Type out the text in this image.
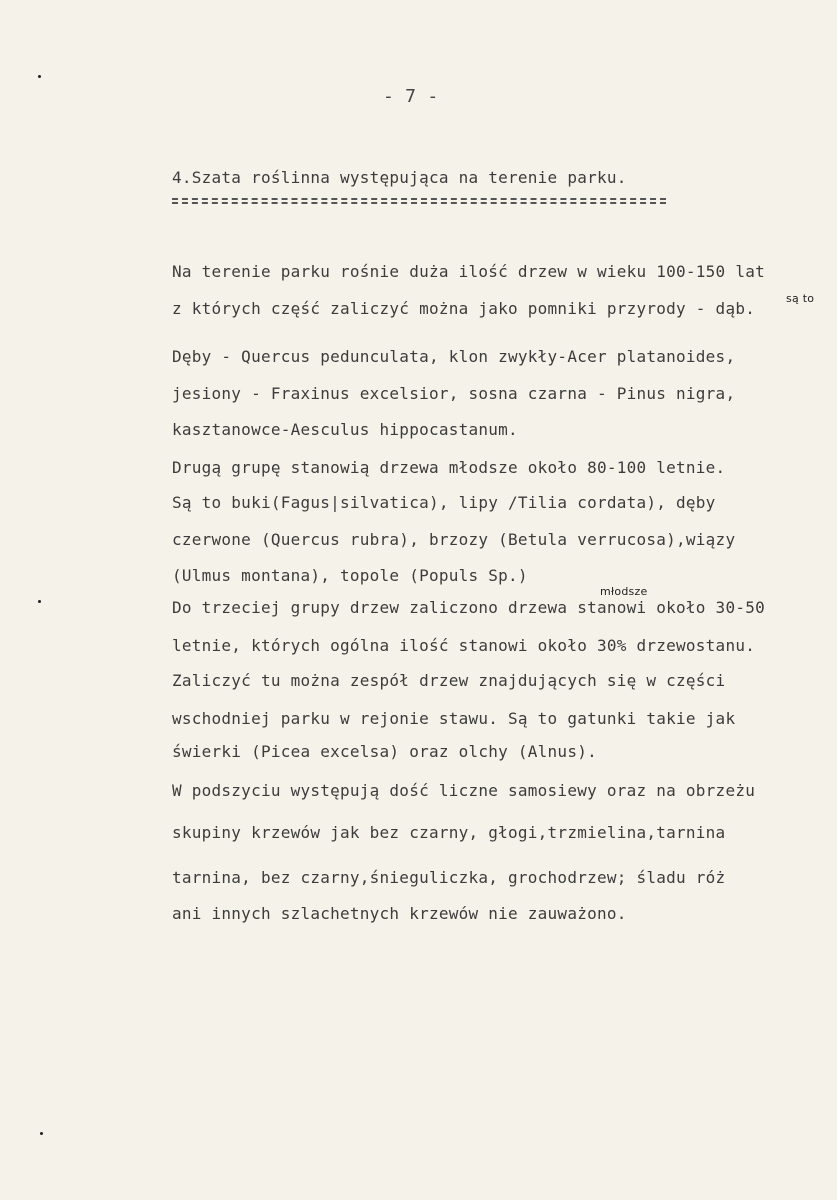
- 7 -
4.Szata roślinna występująca na terenie parku.
Na terenie parku rośnie duża ilość drzew w wieku 100-150 lat
z których część zaliczyć można jako pomniki przyrody - dąb.
Dęby - Quercus pedunculata, klon zwykły-Acer platanoides,
jesiony - Fraxinus excelsior, sosna czarna - Pinus nigra,
kasztanowce-Aesculus hippocastanum.
Drugą grupę stanowią drzewa młodsze około 80-100 letnie.
Są to buki(Fagus|silvatica), lipy /Tilia cordata), dęby
czerwone (Quercus rubra), brzozy (Betula verrucosa),wiązy
(Ulmus montana), topole (Populs Sp.)
Do trzeciej grupy drzew zaliczono drzewa stanowi około 30-50
letnie, których ogólna ilość stanowi około 30% drzewostanu.
Zaliczyć tu można zespół drzew znajdujących się w części
wschodniej parku w rejonie stawu. Są to gatunki takie jak
świerki (Picea excelsa) oraz olchy (Alnus).
W podszyciu występują dość liczne samosiewy oraz na obrzeżu
skupiny krzewów jak bez czarny, głogi,trzmielina,tarnina
tarnina, bez czarny,śnieguliczka, grochodrzew; śladu róż
ani innych szlachetnych krzewów nie zauważono.
są to
młodsze
